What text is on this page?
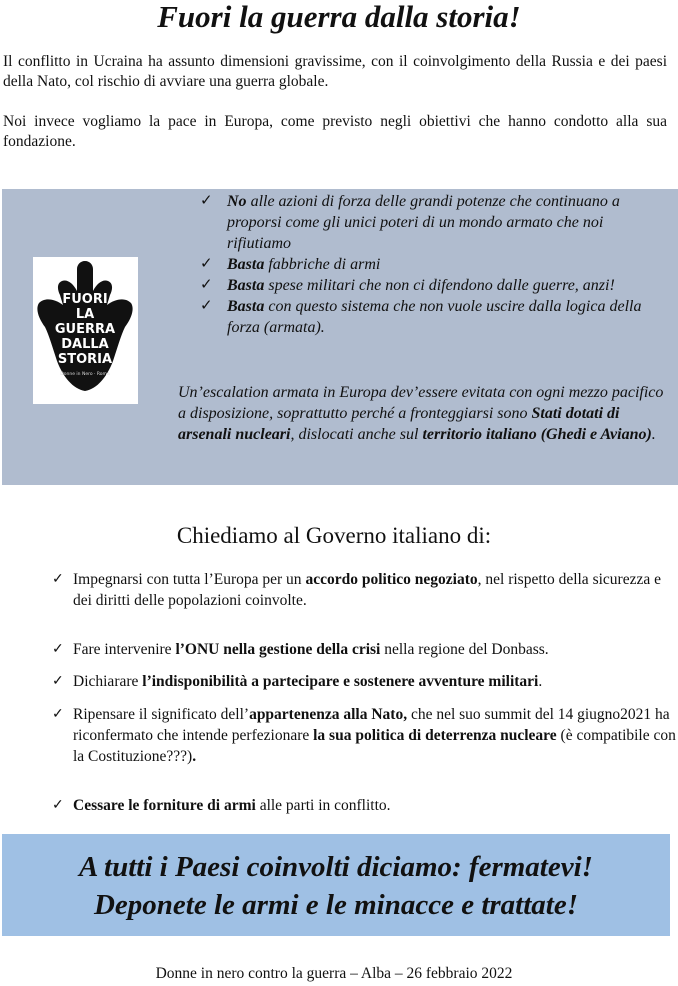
Fuori la guerra dalla storia!

Il conflitto in Ucraina ha assunto dimensioni gravissime, con il coinvolgimento della Russia e dei paesi della Nato, col rischio di avviare una guerra globale.

Noi invece vogliamo la pace in Europa, come previsto negli obiettivi che hanno condotto alla sua fondazione.

FUORI
LA
GUERRA
DALLA
STORIA
Donne in Nero · Roma
✓ No alle azioni di forza delle grandi potenze che continuano a proporsi come gli unici poteri di un mondo armato che noi rifiutiamo
✓ Basta fabbriche di armi
✓ Basta spese militari che non ci difendono dalle guerre, anzi!
✓ Basta con questo sistema che non vuole uscire dalla logica della forza (armata).
Un’escalation armata in Europa dev’essere evitata con ogni mezzo pacifico a disposizione, soprattutto perché a fronteggiarsi sono Stati dotati di arsenali nucleari, dislocati anche sul territorio italiano (Ghedi e Aviano).
Chiediamo al Governo italiano di:
✓ Impegnarsi con tutta l’Europa per un accordo politico negoziato, nel rispetto della sicurezza e dei diritti delle popolazioni coinvolte.
✓ Fare intervenire l’ONU nella gestione della crisi nella regione del Donbass.
✓ Dichiarare l’indisponibilità a partecipare e sostenere avventure militari.
✓ Ripensare il significato dell’appartenenza alla Nato, che nel suo summit del 14 giugno2021 ha riconfermato che intende perfezionare la sua politica di deterrenza nucleare (è compatibile con la Costituzione???).
✓ Cessare le forniture di armi alle parti in conflitto.
A tutti i Paesi coinvolti diciamo: fermatevi!
Deponete le armi e le minacce e trattate!
Donne in nero contro la guerra – Alba – 26 febbraio 2022
